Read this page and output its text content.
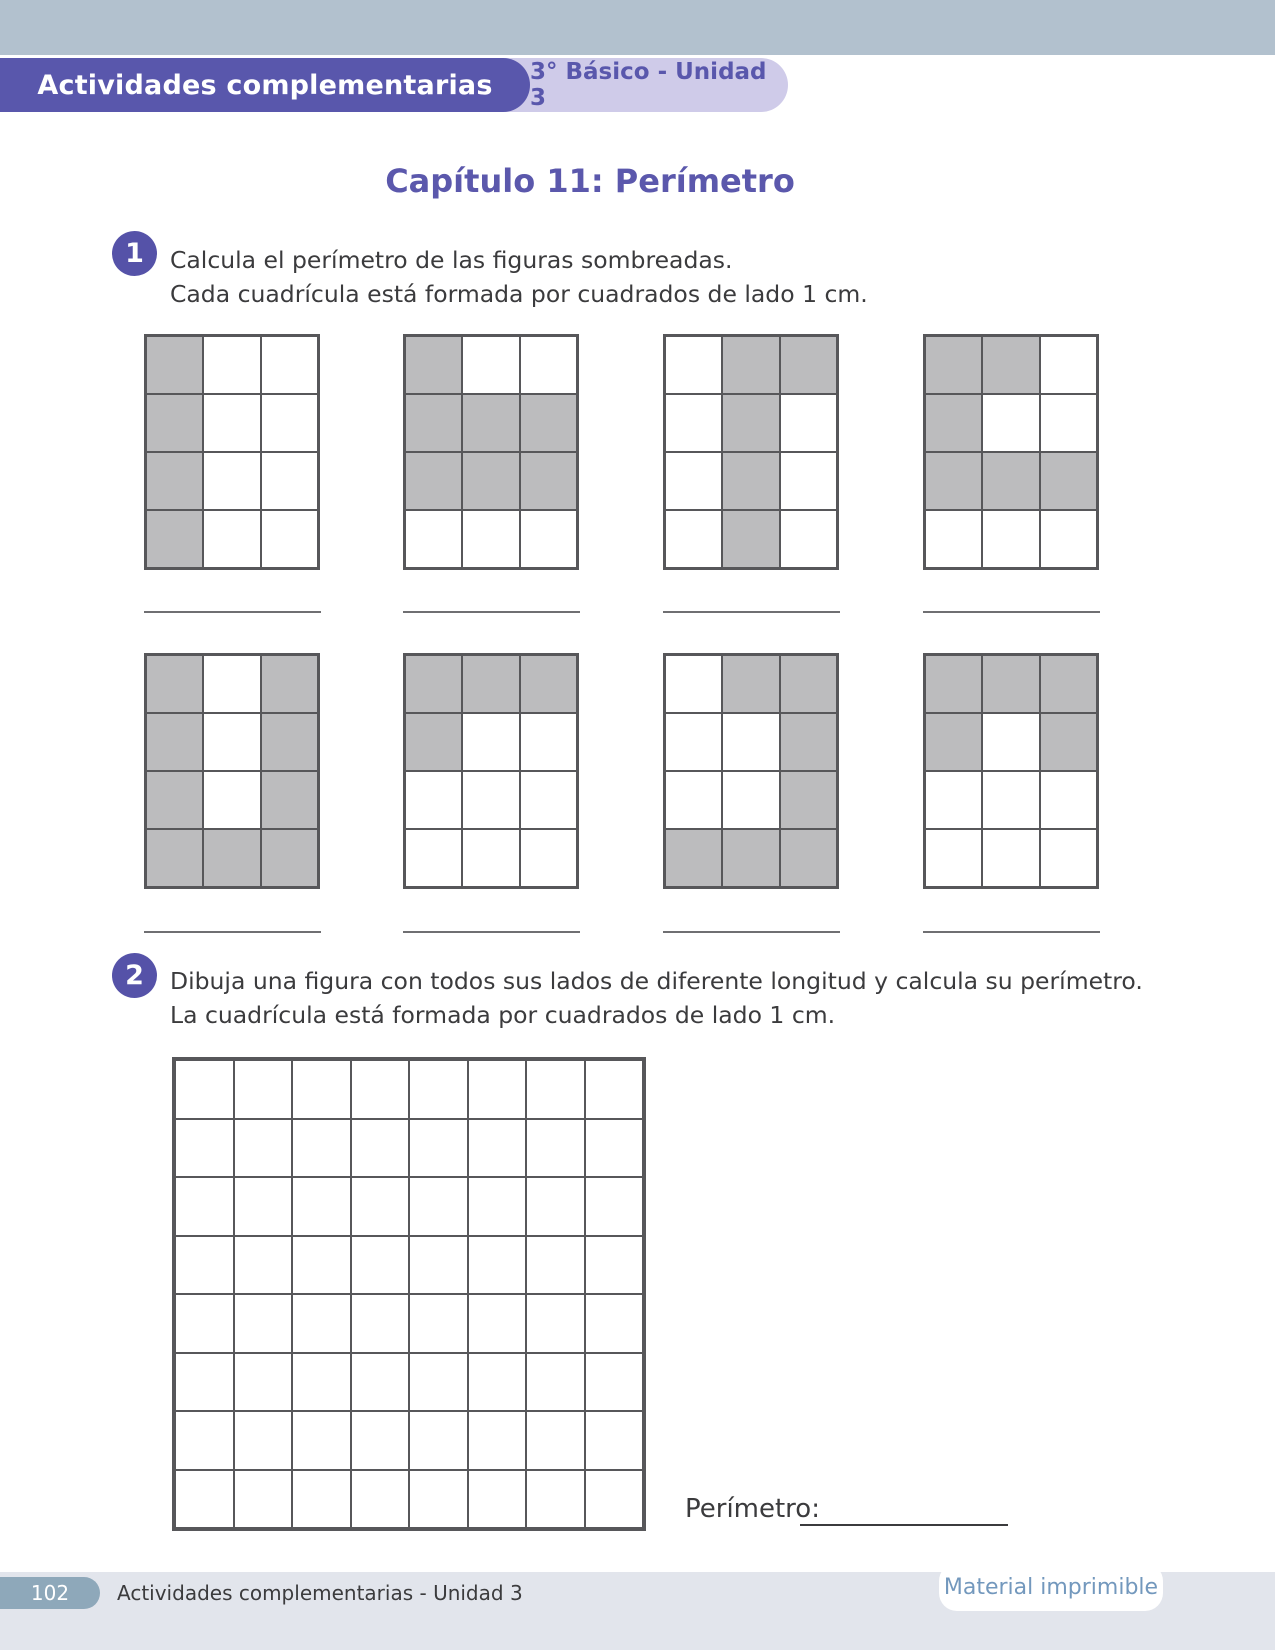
Actividades complementarias 3° Básico - Unidad 3
Capítulo 11: Perímetro
1 Calcula el perímetro de las figuras sombreadas.
Cada cuadrícula está formada por cuadrados de lado 1 cm.
2 Dibuja una figura con todos sus lados de diferente longitud y calcula su perímetro.
La cuadrícula está formada por cuadrados de lado 1 cm.
Perímetro:
102 Actividades complementarias - Unidad 3	Material imprimible
